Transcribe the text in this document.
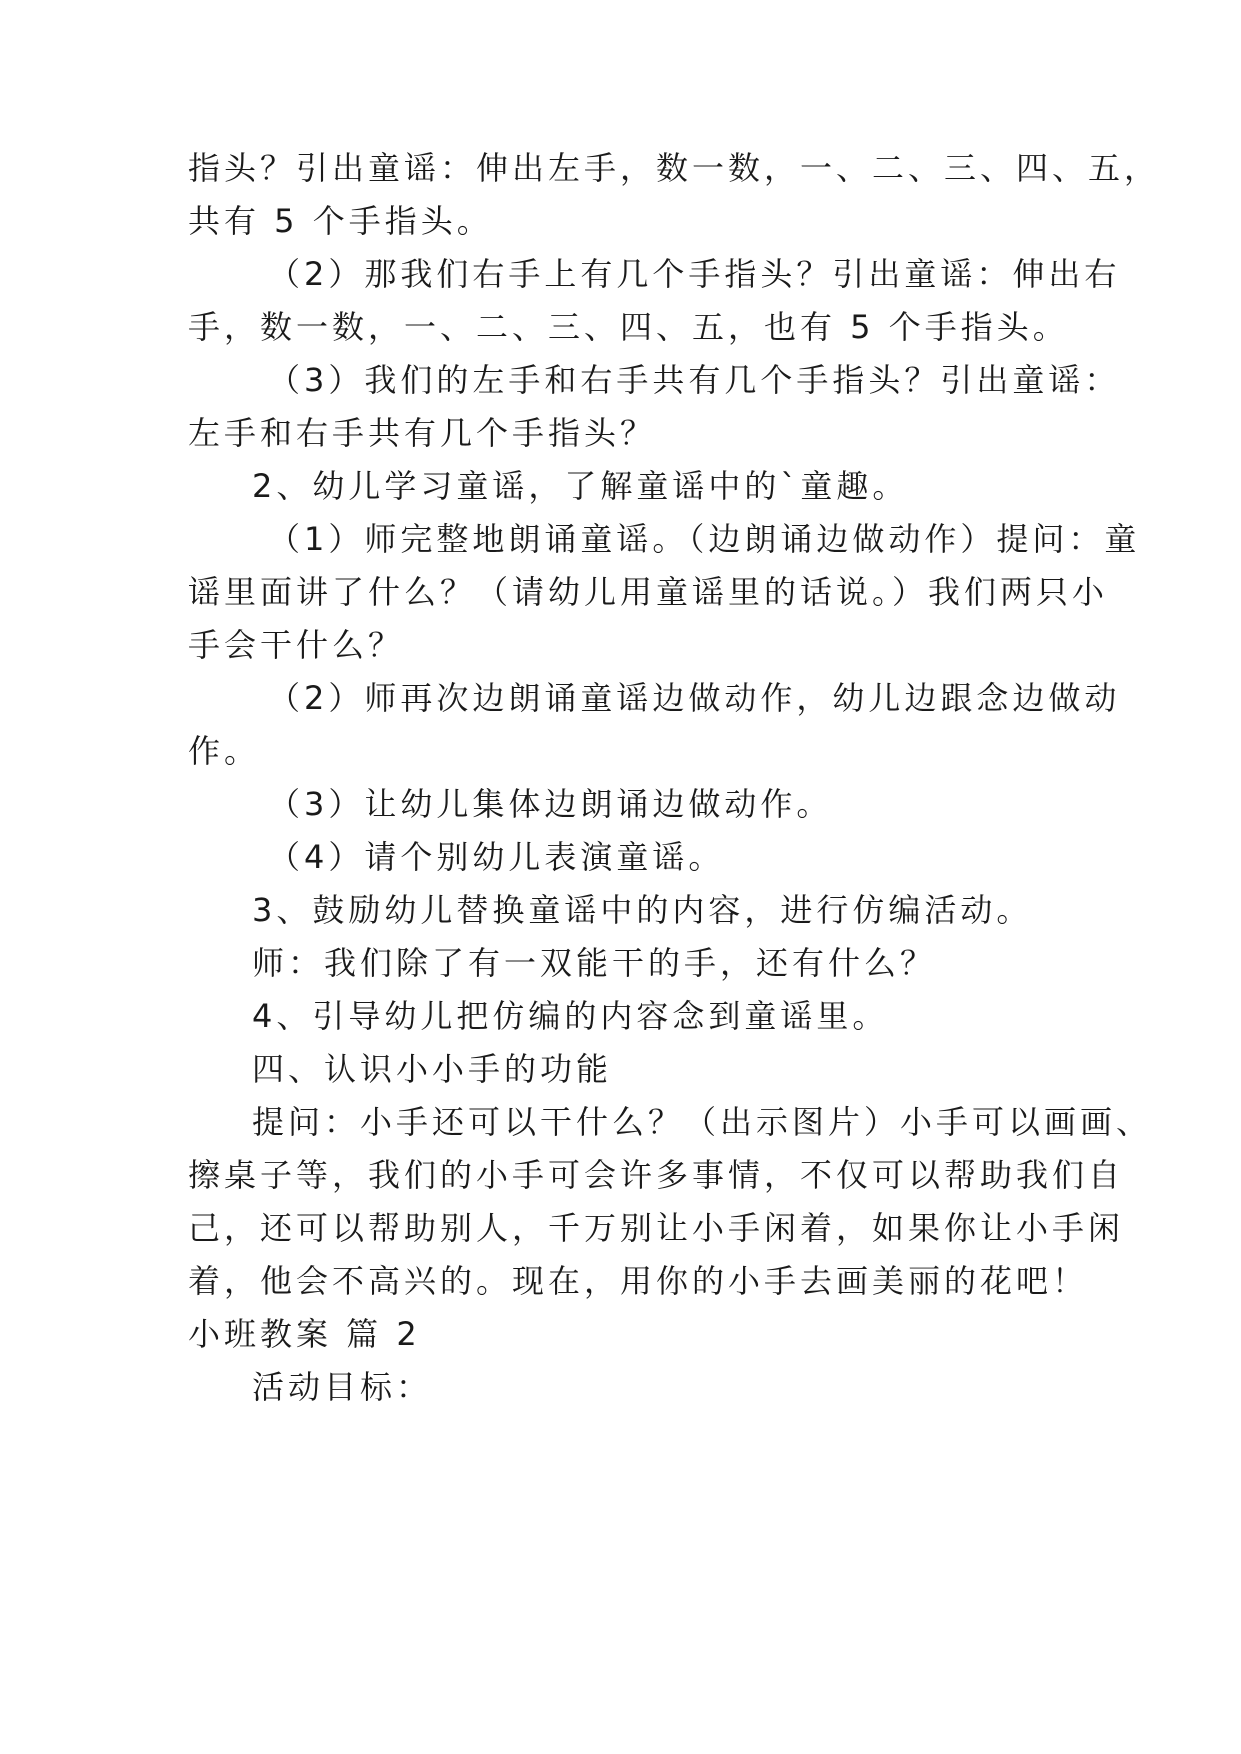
指头？引出童谣：伸出左手，数一数，一、二、三、四、五，
共有 5 个手指头。
（2）那我们右手上有几个手指头？引出童谣：伸出右
手，数一数，一、二、三、四、五，也有 5 个手指头。
（3）我们的左手和右手共有几个手指头？引出童谣：
左手和右手共有几个手指头？
2、幼儿学习童谣，了解童谣中的`童趣。
（1）师完整地朗诵童谣。（边朗诵边做动作）提问：童
谣里面讲了什么？（请幼儿用童谣里的话说。）我们两只小
手会干什么？
（2）师再次边朗诵童谣边做动作，幼儿边跟念边做动
作。
（3）让幼儿集体边朗诵边做动作。
（4）请个别幼儿表演童谣。
3、鼓励幼儿替换童谣中的内容，进行仿编活动。
师：我们除了有一双能干的手，还有什么？
4、引导幼儿把仿编的内容念到童谣里。
四、认识小小手的功能
提问：小手还可以干什么？（出示图片）小手可以画画、
擦桌子等，我们的小手可会许多事情，不仅可以帮助我们自
己，还可以帮助别人，千万别让小手闲着，如果你让小手闲
着，他会不高兴的。现在，用你的小手去画美丽的花吧！
小班教案 篇 2
活动目标：
